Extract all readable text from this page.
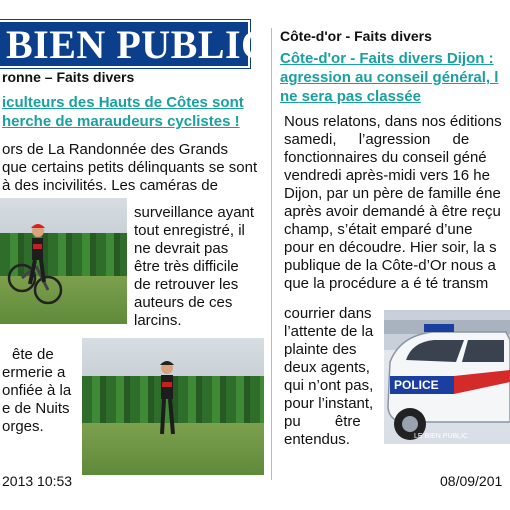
BIEN PUBLIC
ronne – Faits divers
iculteurs des Hauts de Côtes sont
herche de maraudeurs cyclistes !
ors de La Randonnée des Grands
que certains petits délinquants se sont
à des incivilités. Les caméras de
surveillance ayant
tout enregistré, il
ne devrait pas
être très difficile
de retrouver les
auteurs de ces
larcins.
ête de
ermerie a
onfiée à la
e de Nuits
orges.
2013 10:53
Côte-d'or - Faits divers
Côte-d'or - Faits divers Dijon :
agression au conseil général, l
ne sera pas classée
Nous relatons, dans nos éditions
samedi, l’agression de
fonctionnaires du conseil géné
vendredi après-midi vers 16 he
Dijon, par un père de famille éne
après avoir demandé à être reçu
champ, s’était emparé d’une
pour en découdre. Hier soir, la s
publique de la Côte-d’Or nous a
que la procédure a é té transm
courrier dans
l’attente de la
plainte des
deux agents,
qui n’ont pas,
pour l’instant,
pu être
entendus.
08/09/201
POLICE
LE BIEN PUBLIC
